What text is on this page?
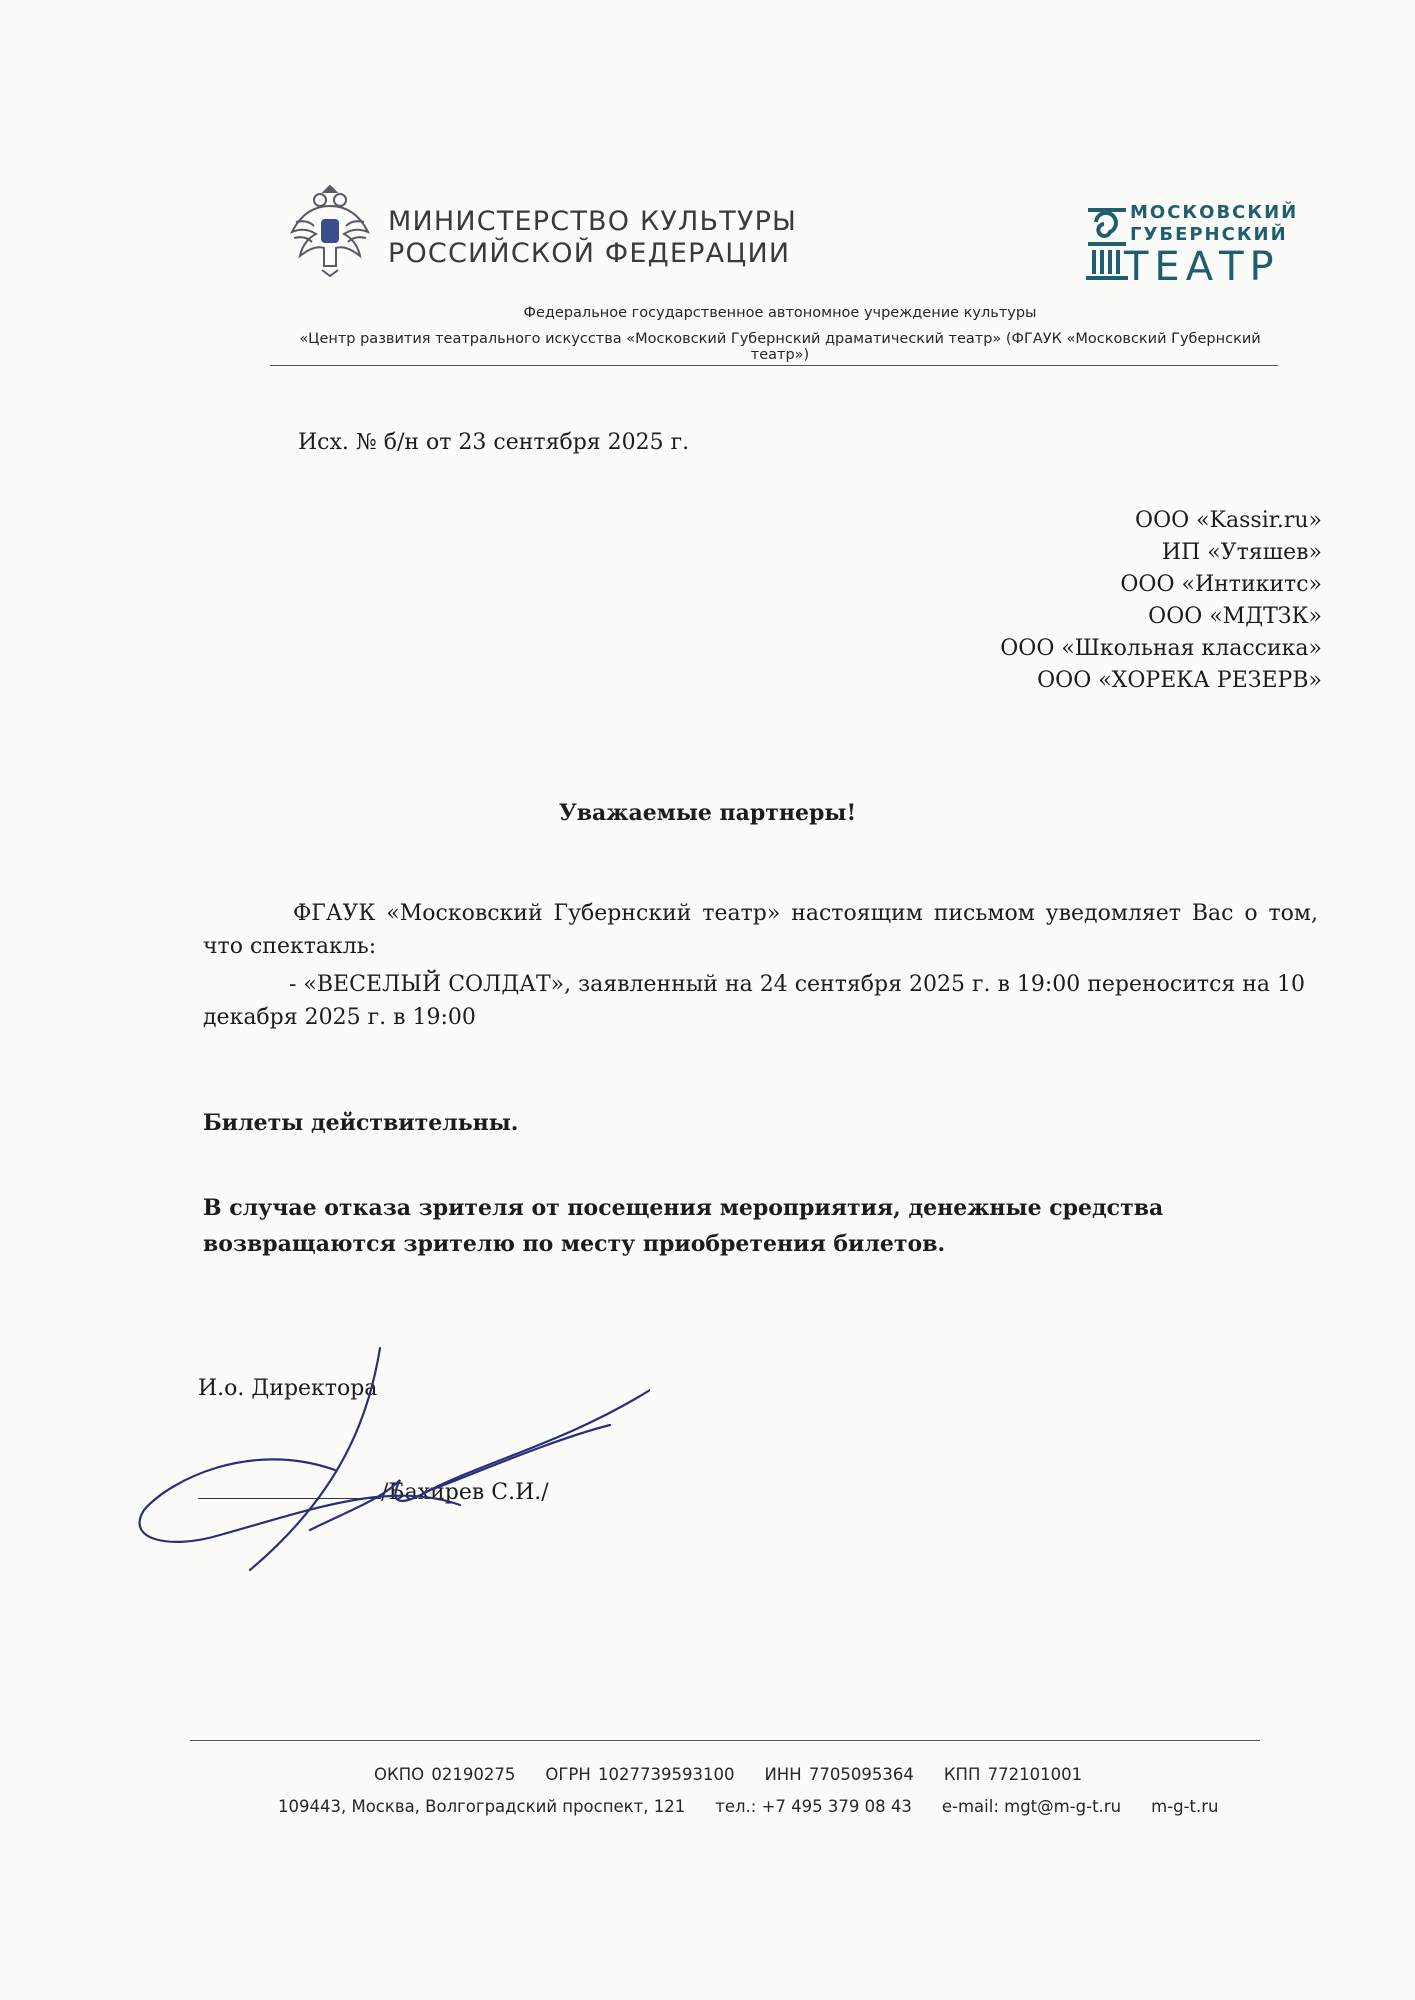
МИНИСТЕРСТВО КУЛЬТУРЫ
РОССИЙСКОЙ ФЕДЕРАЦИИ
МОСКОВСКИЙ
ГУБЕРНСКИЙ
ТЕАТР
Федеральное государственное автономное учреждение культуры
«Центр развития театрального искусства «Московский Губернский драматический театр» (ФГАУК «Московский Губернский театр»)
Исх. № б/н от 23 сентября 2025 г.
ООО «Kassir.ru»
ИП «Утяшев»
ООО «Интикитс»
ООО «МДТЗК»
ООО «Школьная классика»
ООО «ХОРЕКА РЕЗЕРВ»
Уважаемые партнеры!
ФГАУК «Московский Губернский театр» настоящим письмом уведомляет Вас о том, что спектакль:
- «ВЕСЕЛЫЙ СОЛДАТ», заявленный на 24 сентября 2025 г. в 19:00 переносится на 10 декабря 2025 г. в 19:00
Билеты действительны.
В случае отказа зрителя от посещения мероприятия, денежные средства возвращаются зрителю по месту приобретения билетов.
И.о. Директора
/Бахирев С.И./
ОКПО 02190275 ОГРН 1027739593100 ИНН 7705095364 КПП 772101001
109443, Москва, Волгоградский проспект, 121 тел.: +7 495 379 08 43 e-mail: mgt@m-g-t.ru m-g-t.ru
